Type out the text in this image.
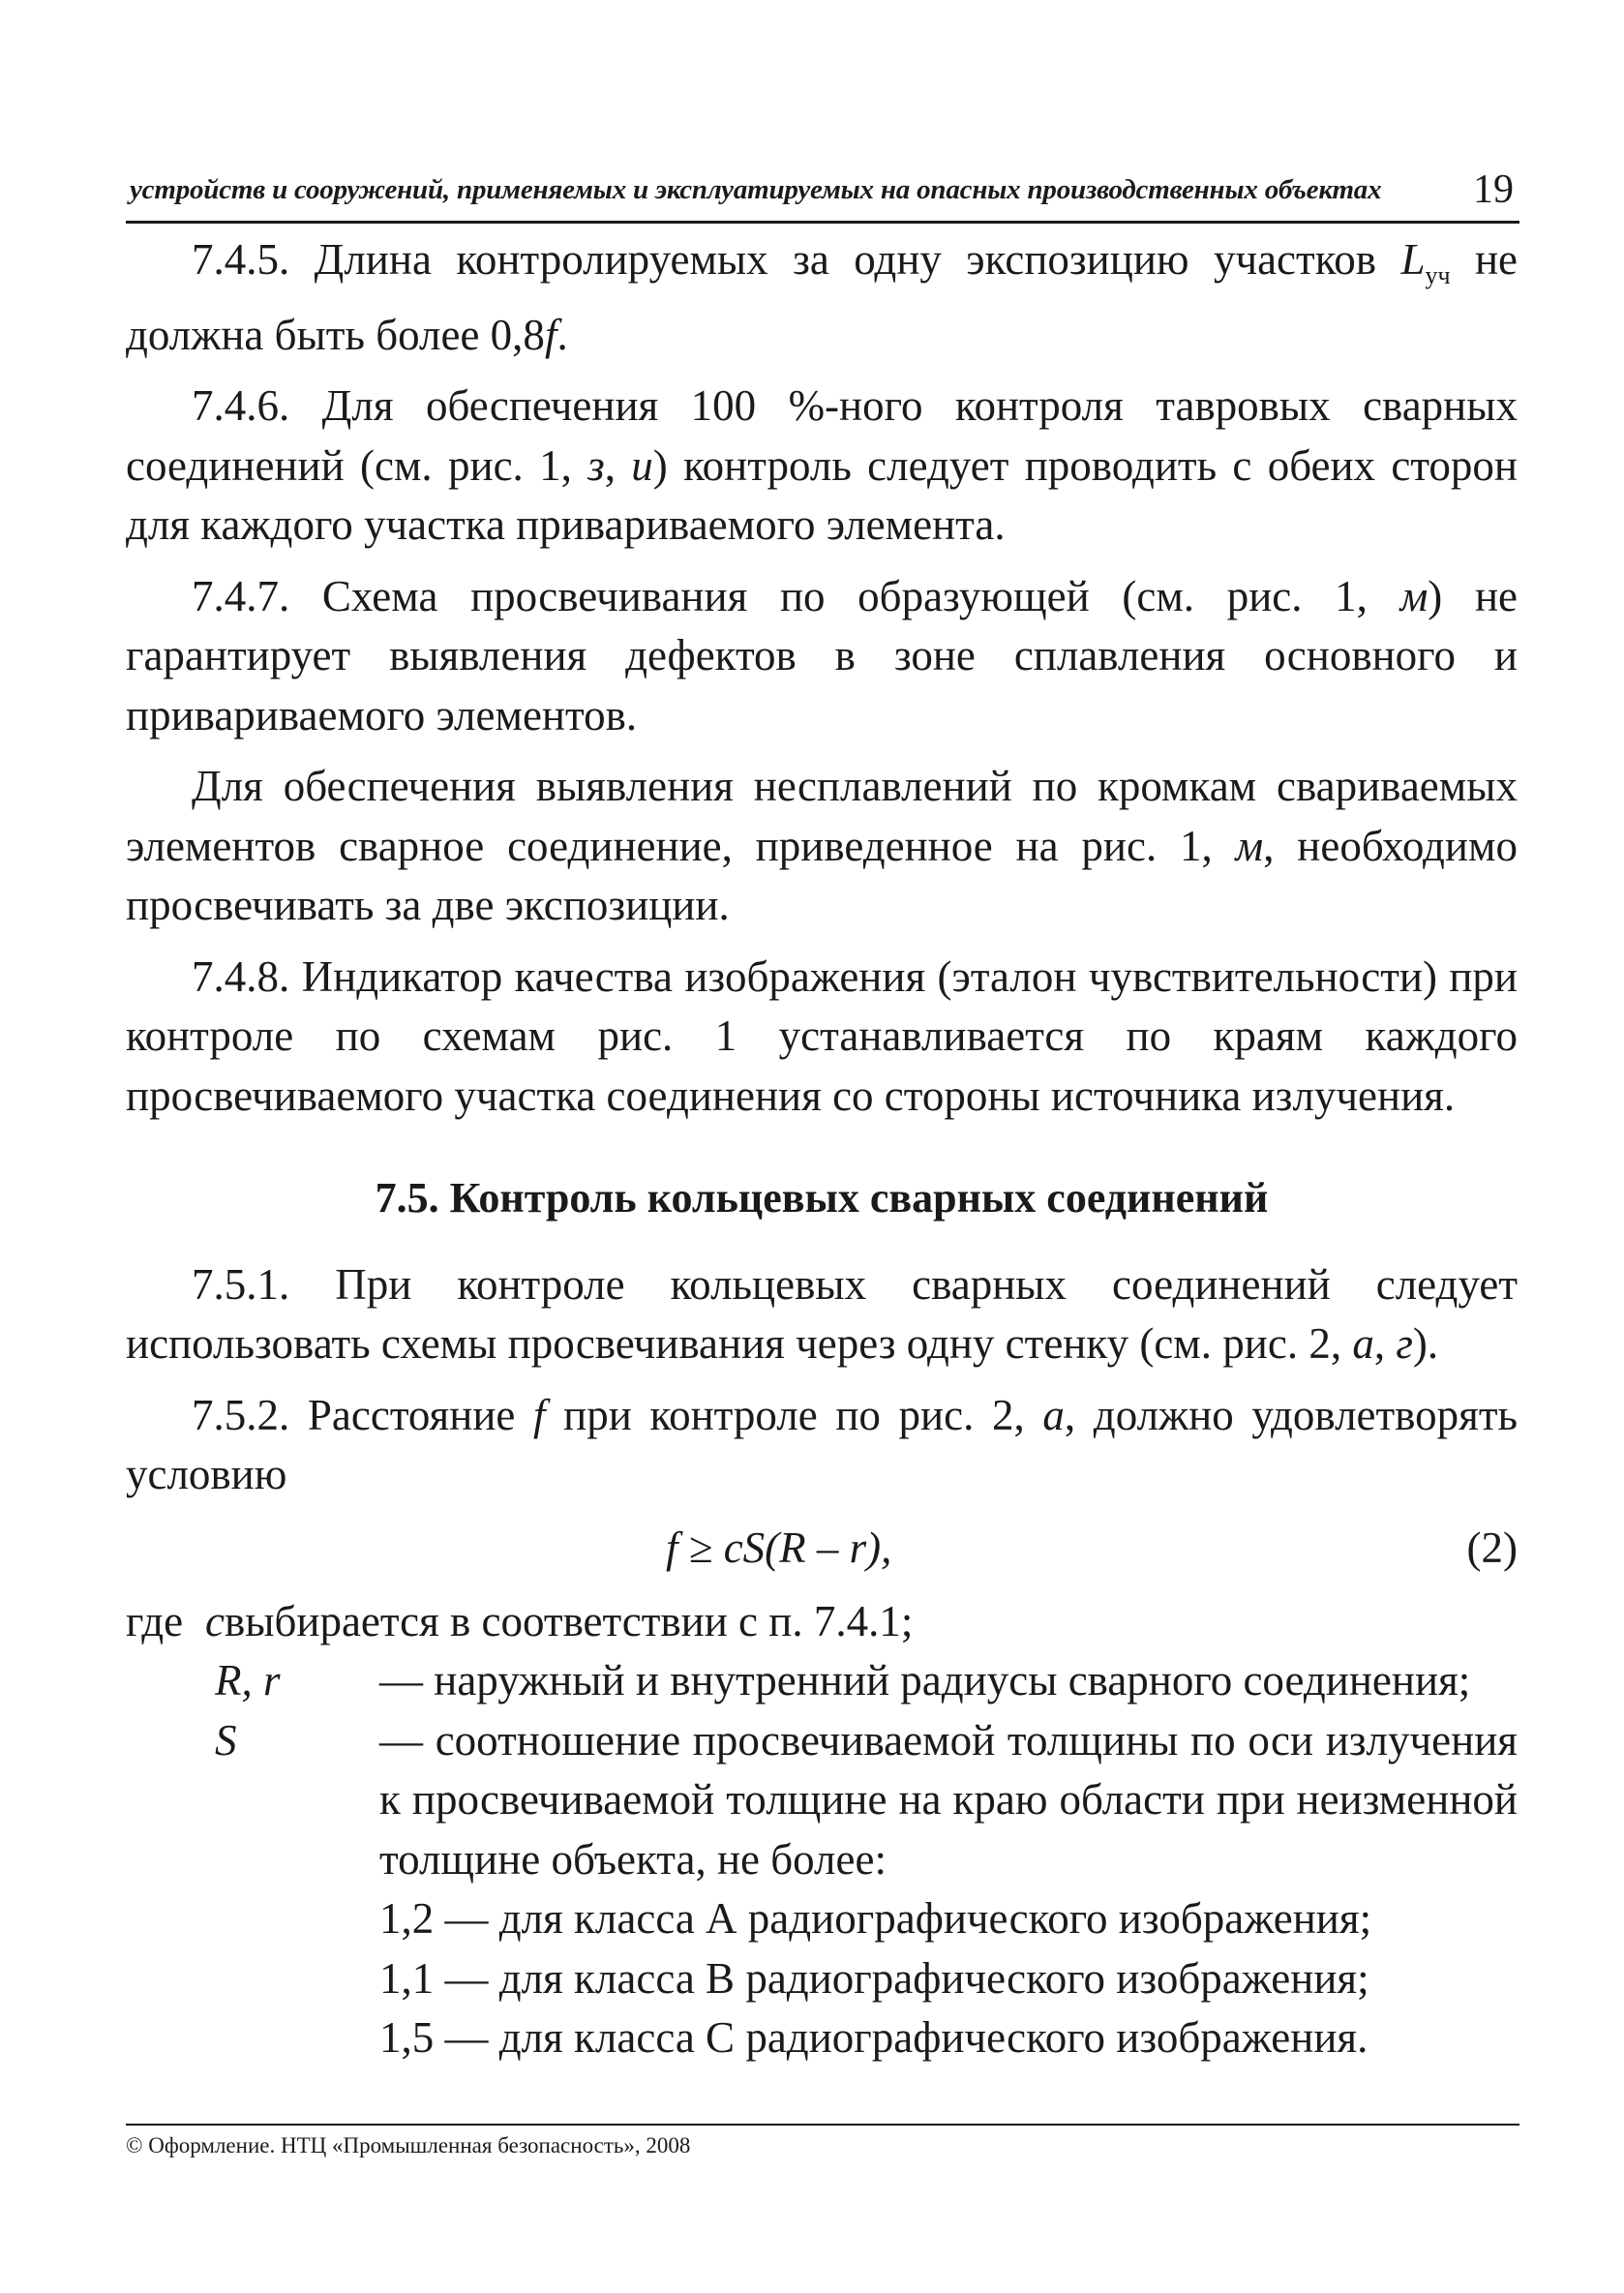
устройств и сооружений, применяемых и эксплуатируемых на опасных производственных объектах 19

7.4.5. Длина контролируемых за одну экспозицию участков $L_{уч}$ не должна быть более 0,8f.

7.4.6. Для обеспечения 100 %-ного контроля тавровых сварных соединений (см. рис. 1, з, и) контроль следует проводить с обеих сторон для каждого участка привариваемого элемента.

7.4.7. Схема просвечивания по образующей (см. рис. 1, м) не гарантирует выявления дефектов в зоне сплавления основного и привариваемого элементов.

Для обеспечения выявления несплавлений по кромкам свариваемых элементов сварное соединение, приведенное на рис. 1, м, необходимо просвечивать за две экспозиции.

7.4.8. Индикатор качества изображения (эталон чувствительности) при контроле по схемам рис. 1 устанавливается по краям каждого просвечиваемого участка соединения со стороны источника излучения.

7.5. Контроль кольцевых сварных соединений

7.5.1. При контроле кольцевых сварных соединений следует использовать схемы просвечивания через одну стенку (см. рис. 2, а, г).

7.5.2. Расстояние f при контроле по рис. 2, а, должно удовлетворять условию

f ≥ cS(R – r),	(2)
где c выбирается в соответствии с п. 7.4.1;
R, r	— наружный и внутренний радиусы сварного соединения;
S	— соотношение просвечиваемой толщины по оси излучения к просвечиваемой толщине на краю области при неизменной толщине объекта, не более:
1,2 — для класса А радиографического изображения;
1,1 — для класса В радиографического изображения;
1,5 — для класса С радиографического изображения.
© Оформление. НТЦ «Промышленная безопасность», 2008
